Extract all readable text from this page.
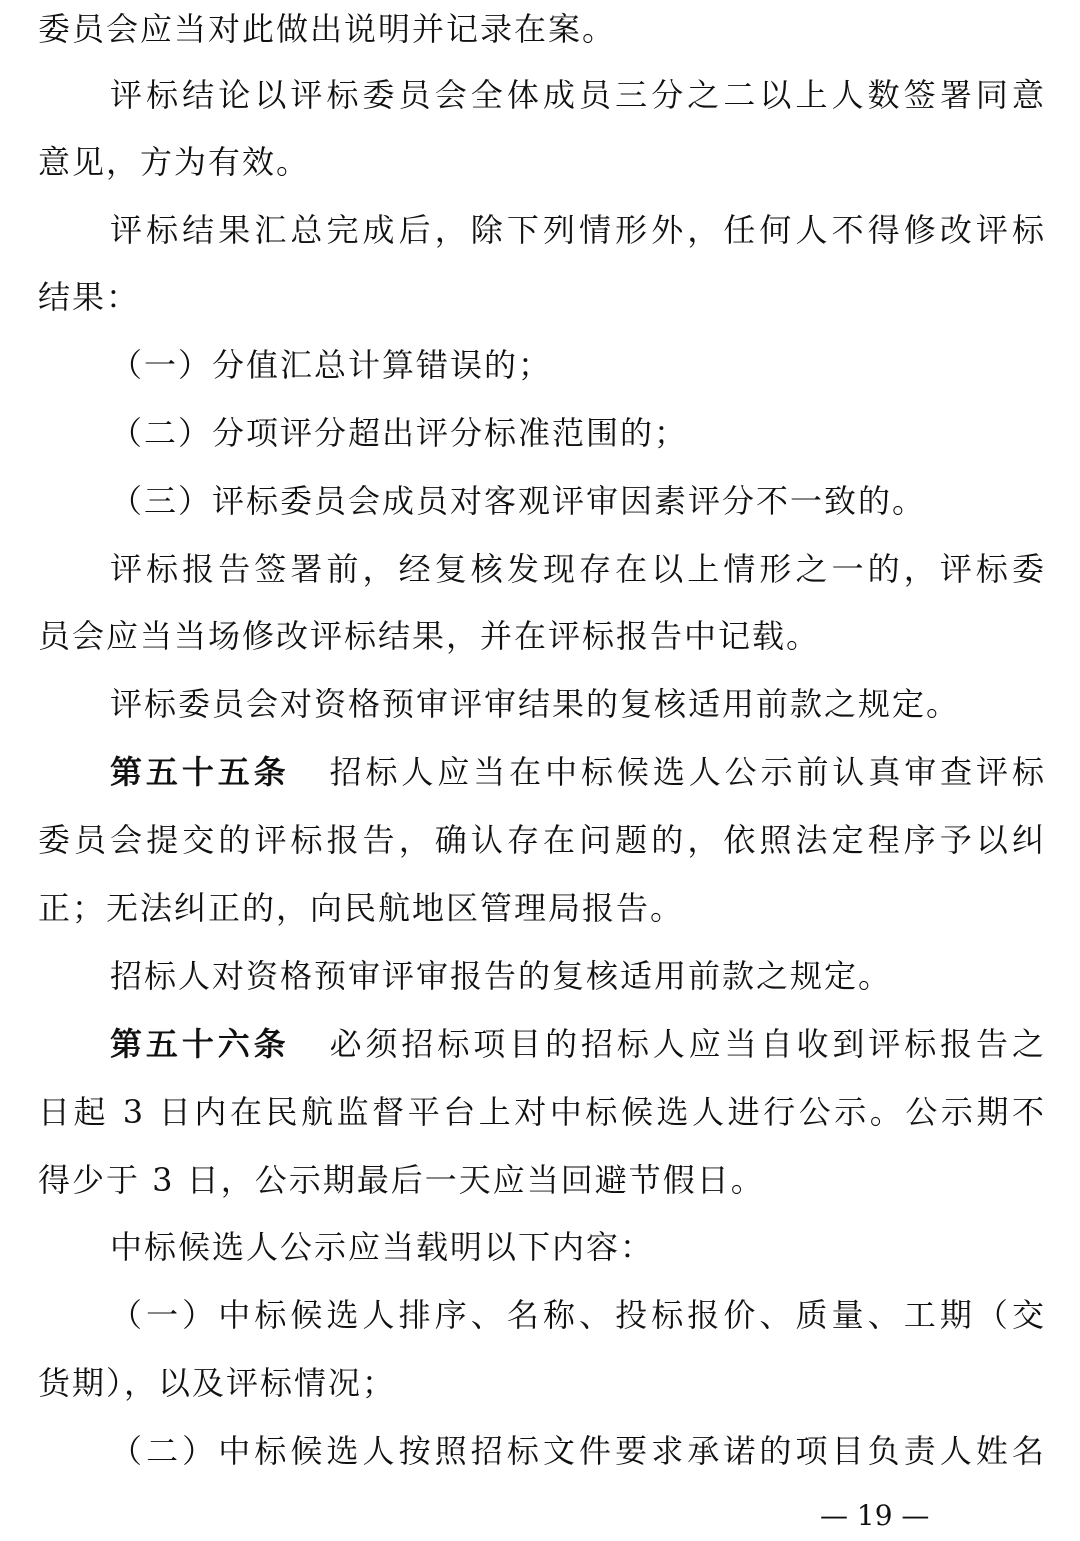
委员会应当对此做出说明并记录在案。
评标结论以评标委员会全体成员三分之二以上人数签署同意
意见，方为有效。
评标结果汇总完成后，除下列情形外，任何人不得修改评标
结果：
（一）分值汇总计算错误的；
（二）分项评分超出评分标准范围的；
（三）评标委员会成员对客观评审因素评分不一致的。
评标报告签署前，经复核发现存在以上情形之一的，评标委
员会应当当场修改评标结果，并在评标报告中记载。
评标委员会对资格预审评审结果的复核适用前款之规定。
第五十五条 招标人应当在中标候选人公示前认真审查评标
委员会提交的评标报告，确认存在问题的，依照法定程序予以纠
正；无法纠正的，向民航地区管理局报告。
招标人对资格预审评审报告的复核适用前款之规定。
第五十六条 必须招标项目的招标人应当自收到评标报告之
日起 3 日内在民航监督平台上对中标候选人进行公示。公示期不
得少于 3 日，公示期最后一天应当回避节假日。
中标候选人公示应当载明以下内容：
（一）中标候选人排序、名称、投标报价、质量、工期（交
货期），以及评标情况；
（二）中标候选人按照招标文件要求承诺的项目负责人姓名
— 19 —
